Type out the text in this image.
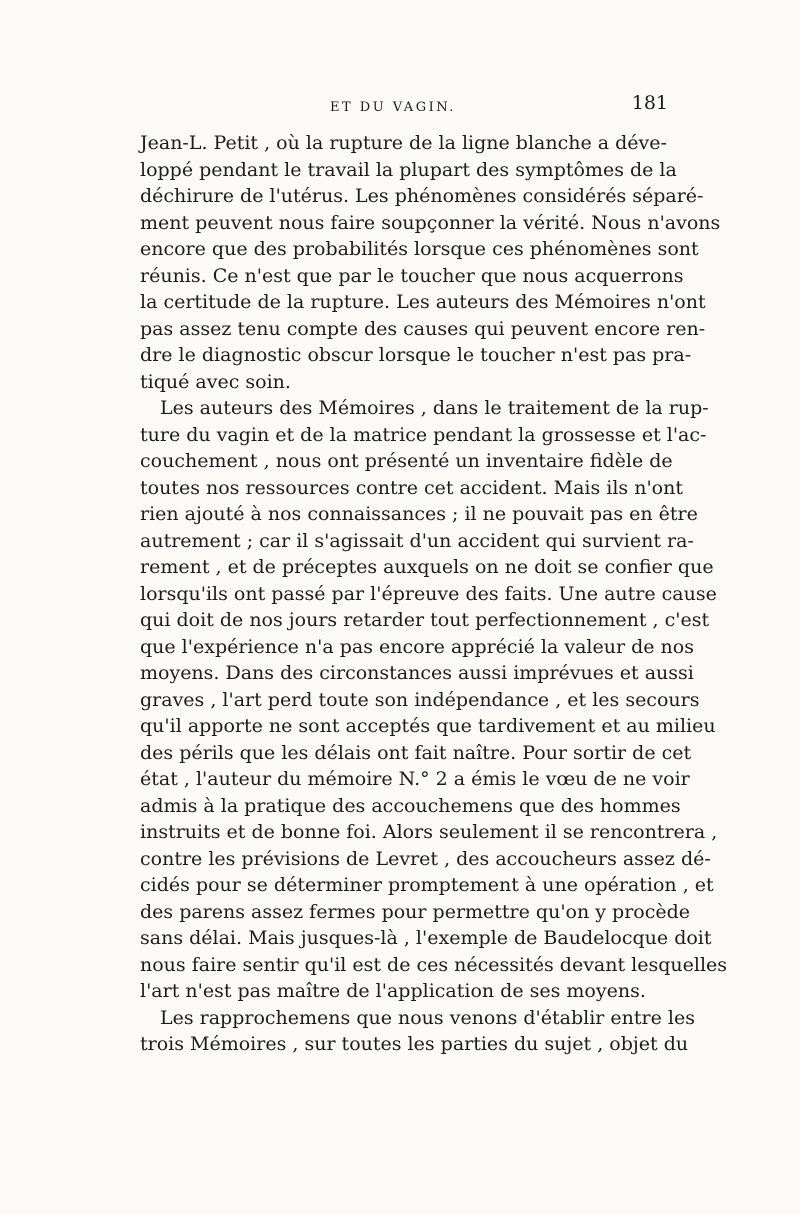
ET DU VAGIN.	181
Jean-L. Petit , où la rupture de la ligne blanche a déve-
loppé pendant le travail la plupart des symptômes de la
déchirure de l'utérus. Les phénomènes considérés séparé-
ment peuvent nous faire soupçonner la vérité. Nous n'avons
encore que des probabilités lorsque ces phénomènes sont
réunis. Ce n'est que par le toucher que nous acquerrons
la certitude de la rupture. Les auteurs des Mémoires n'ont
pas assez tenu compte des causes qui peuvent encore ren-
dre le diagnostic obscur lorsque le toucher n'est pas pra-
tiqué avec soin.
Les auteurs des Mémoires , dans le traitement de la rup-
ture du vagin et de la matrice pendant la grossesse et l'ac-
couchement , nous ont présenté un inventaire fidèle de
toutes nos ressources contre cet accident. Mais ils n'ont
rien ajouté à nos connaissances ; il ne pouvait pas en être
autrement ; car il s'agissait d'un accident qui survient ra-
rement , et de préceptes auxquels on ne doit se confier que
lorsqu'ils ont passé par l'épreuve des faits. Une autre cause
qui doit de nos jours retarder tout perfectionnement , c'est
que l'expérience n'a pas encore apprécié la valeur de nos
moyens. Dans des circonstances aussi imprévues et aussi
graves , l'art perd toute son indépendance , et les secours
qu'il apporte ne sont acceptés que tardivement et au milieu
des périls que les délais ont fait naître. Pour sortir de cet
état , l'auteur du mémoire N.° 2 a émis le vœu de ne voir
admis à la pratique des accouchemens que des hommes
instruits et de bonne foi. Alors seulement il se rencontrera ,
contre les prévisions de Levret , des accoucheurs assez dé-
cidés pour se déterminer promptement à une opération , et
des parens assez fermes pour permettre qu'on y procède
sans délai. Mais jusques-là , l'exemple de Baudelocque doit
nous faire sentir qu'il est de ces nécessités devant lesquelles
l'art n'est pas maître de l'application de ses moyens.
Les rapprochemens que nous venons d'établir entre les
trois Mémoires , sur toutes les parties du sujet , objet du
